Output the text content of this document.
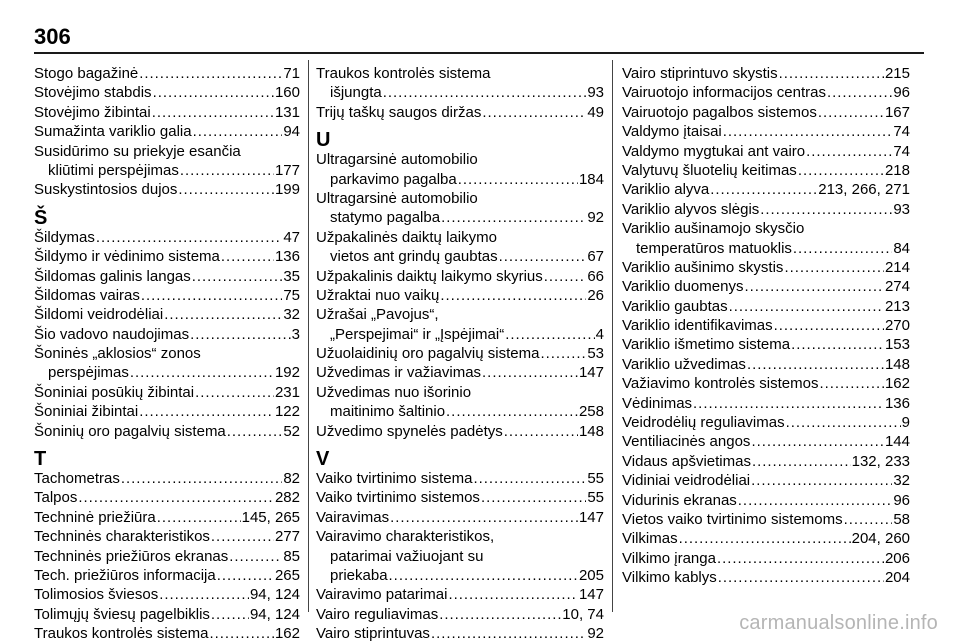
306
Stogo bagažinė . . .	71
Stovėjimo stabdis . . .	160
Stovėjimo žibintai . . .	131
Sumažinta variklio galia . . .	94
Susidūrimo su priekyje esančia
kliūtimi perspėjimas . . .	177
Suskystintosios dujos . . .	199
Š
Šildymas . . .	47
Šildymo ir vėdinimo sistema . . .	136
Šildomas galinis langas . . .	35
Šildomas vairas . . .	75
Šildomi veidrodėliai . . .	32
Šio vadovo naudojimas . . .	3
Šoninės „aklosios“ zonos
perspėjimas . . .	192
Šoniniai posūkių žibintai . . .	231
Šoniniai žibintai . . .	122
Šoninių oro pagalvių sistema . . .	52
T
Tachometras . . .	82
Talpos . . .	282
Techninė priežiūra . . .	145, 265
Techninės charakteristikos . . .	277
Techninės priežiūros ekranas . . .	85
Tech. priežiūros informacija . . .	265
Tolimosios šviesos . . .	94, 124
Tolimųjų šviesų pagelbiklis . . .	94, 124
Traukos kontrolės sistema . . .	162
Traukos kontrolės sistema
išjungta . . .	93
Trijų taškų saugos diržas . . .	49
U
Ultragarsinė automobilio
parkavimo pagalba . . .	184
Ultragarsinė automobilio
statymo pagalba . . .	92
Užpakalinės daiktų laikymo
vietos ant grindų gaubtas . . .	67
Užpakalinis daiktų laikymo skyrius . . .	66
Užraktai nuo vaikų . . .	26
Užrašai „Pavojus“,
„Perspejimai“ ir „Įspėjimai“ . . .	4
Užuolaidinių oro pagalvių sistema . . .	53
Užvedimas ir važiavimas . . .	147
Užvedimas nuo išorinio
maitinimo šaltinio . . .	258
Užvedimo spynelės padėtys . . .	148
V
Vaiko tvirtinimo sistema . . .	55
Vaiko tvirtinimo sistemos . . .	55
Vairavimas . . .	147
Vairavimo charakteristikos,
patarimai važiuojant su
priekaba . . .	205
Vairavimo patarimai . . .	147
Vairo reguliavimas . . .	10, 74
Vairo stiprintuvas . . .	92
Vairo stiprintuvo skystis . . .	215
Vairuotojo informacijos centras . . .	96
Vairuotojo pagalbos sistemos . . .	167
Valdymo įtaisai . . .	74
Valdymo mygtukai ant vairo . . .	74
Valytuvų šluotelių keitimas . . .	218
Variklio alyva . . .	213, 266, 271
Variklio alyvos slėgis . . .	93
Variklio aušinamojo skysčio
temperatūros matuoklis . . .	84
Variklio aušinimo skystis . . .	214
Variklio duomenys . . .	274
Variklio gaubtas . . .	213
Variklio identifikavimas . . .	270
Variklio išmetimo sistema . . .	153
Variklio užvedimas . . .	148
Važiavimo kontrolės sistemos . . .	162
Vėdinimas . . .	136
Veidrodėlių reguliavimas . . .	9
Ventiliacinės angos . . .	144
Vidaus apšvietimas . . .	132, 233
Vidiniai veidrodėliai . . .	32
Vidurinis ekranas . . .	96
Vietos vaiko tvirtinimo sistemoms . . .	58
Vilkimas . . .	204, 260
Vilkimo įranga . . .	206
Vilkimo kablys . . .	204
carmanualsonline.info
